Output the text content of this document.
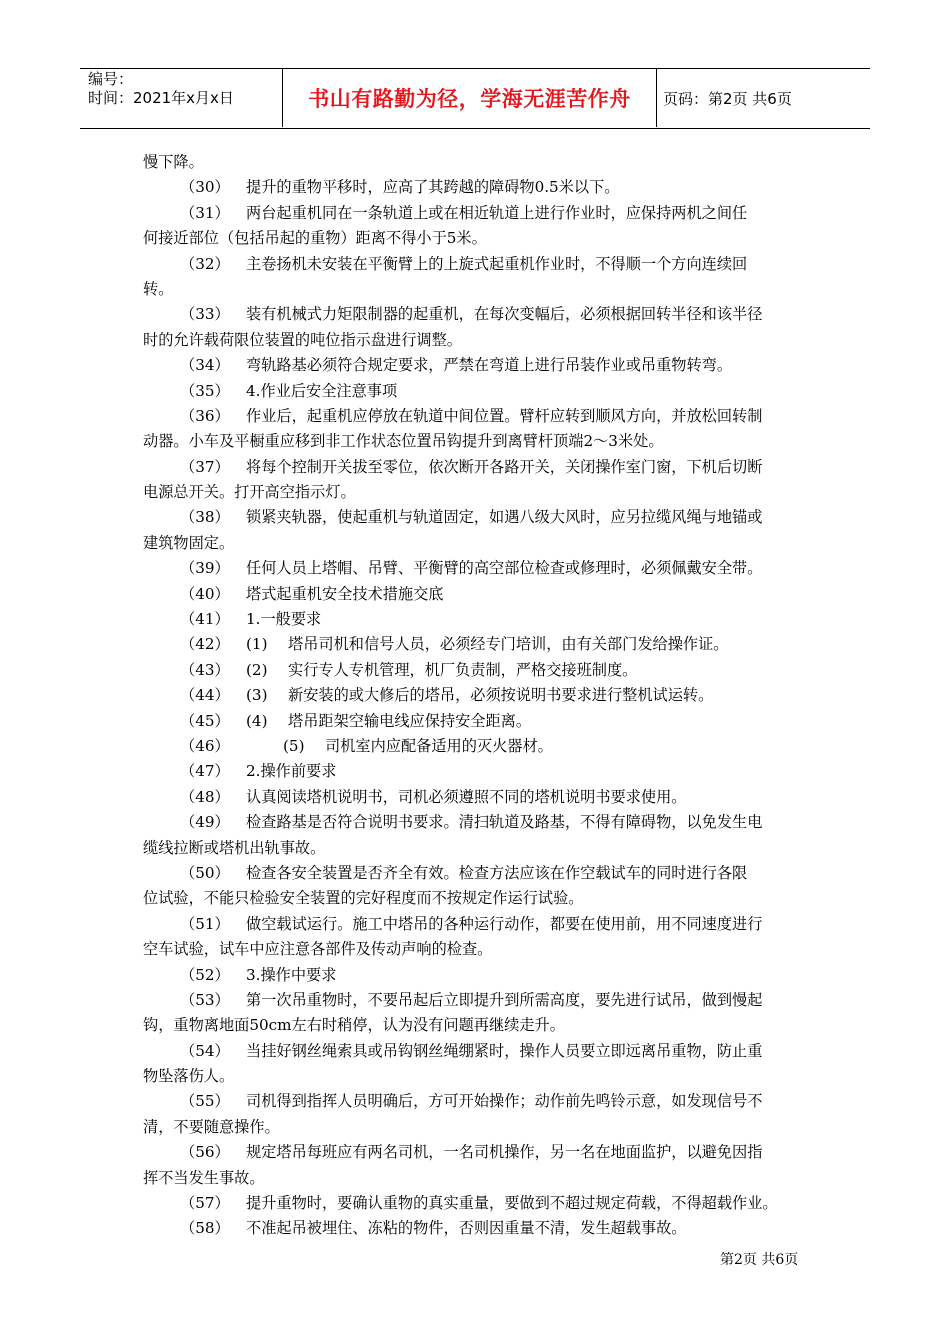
编号：
时间：2021年x月x日	书山有路勤为径，学海无涯苦作舟 页码：第2页 共6页
慢下降。
（30） 提升的重物平移时，应高了其跨越的障碍物0.5米以下。
（31） 两台起重机同在一条轨道上或在相近轨道上进行作业时，应保持两机之间任
何接近部位（包括吊起的重物）距离不得小于5米。
（32） 主卷扬机未安装在平衡臂上的上旋式起重机作业时，不得顺一个方向连续回
转。
（33） 装有机械式力矩限制器的起重机，在每次变幅后，必须根据回转半径和该半径
时的允许载荷限位装置的吨位指示盘进行调整。
（34） 弯轨路基必须符合规定要求，严禁在弯道上进行吊装作业或吊重物转弯。
（35） 4.作业后安全注意事项
（36） 作业后，起重机应停放在轨道中间位置。臂杆应转到顺风方向，并放松回转制
动器。小车及平橱重应移到非工作状态位置吊钩提升到离臂杆顶端2～3米处。
（37） 将每个控制开关拔至零位，依次断开各路开关，关闭操作室门窗，下机后切断
电源总开关。打开高空指示灯。
（38） 锁紧夹轨器，使起重机与轨道固定，如遇八级大风时，应另拉缆风绳与地锚或
建筑物固定。
（39） 任何人员上塔帽、吊臂、平衡臂的高空部位检查或修理时，必须佩戴安全带。
（40） 塔式起重机安全技术措施交底
（41） 1.一般要求
（42） (1) 塔吊司机和信号人员，必须经专门培训，由有关部门发给操作证。
（43） (2) 实行专人专机管理，机厂负责制，严格交接班制度。
（44） (3) 新安装的或大修后的塔吊，必须按说明书要求进行整机试运转。
（45） (4) 塔吊距架空输电线应保持安全距离。
（46）	(5) 司机室内应配备适用的灭火器材。
（47） 2.操作前要求
（48） 认真阅读塔机说明书，司机必须遵照不同的塔机说明书要求使用。
（49） 检查路基是否符合说明书要求。清扫轨道及路基，不得有障碍物，以免发生电
缆线拉断或塔机出轨事故。
（50） 检查各安全装置是否齐全有效。检查方法应该在作空载试车的同时进行各限
位试验，不能只检验安全装置的完好程度而不按规定作运行试验。
（51） 做空载试运行。施工中塔吊的各种运行动作，都要在使用前，用不同速度进行
空车试验，试车中应注意各部件及传动声响的检查。
（52） 3.操作中要求
（53） 第一次吊重物时，不要吊起后立即提升到所需高度，要先进行试吊，做到慢起
钩，重物离地面50cm左右时稍停，认为没有问题再继续走升。
（54） 当挂好钢丝绳索具或吊钩钢丝绳绷紧时，操作人员要立即远离吊重物，防止重
物坠落伤人。
（55） 司机得到指挥人员明确后，方可开始操作；动作前先鸣铃示意，如发现信号不
清，不要随意操作。
（56） 规定塔吊每班应有两名司机，一名司机操作，另一名在地面监护，以避免因指
挥不当发生事故。
（57） 提升重物时，要确认重物的真实重量，要做到不超过规定荷载，不得超载作业。
（58） 不准起吊被埋住、冻粘的物件，否则因重量不清，发生超载事故。
第2页 共6页
